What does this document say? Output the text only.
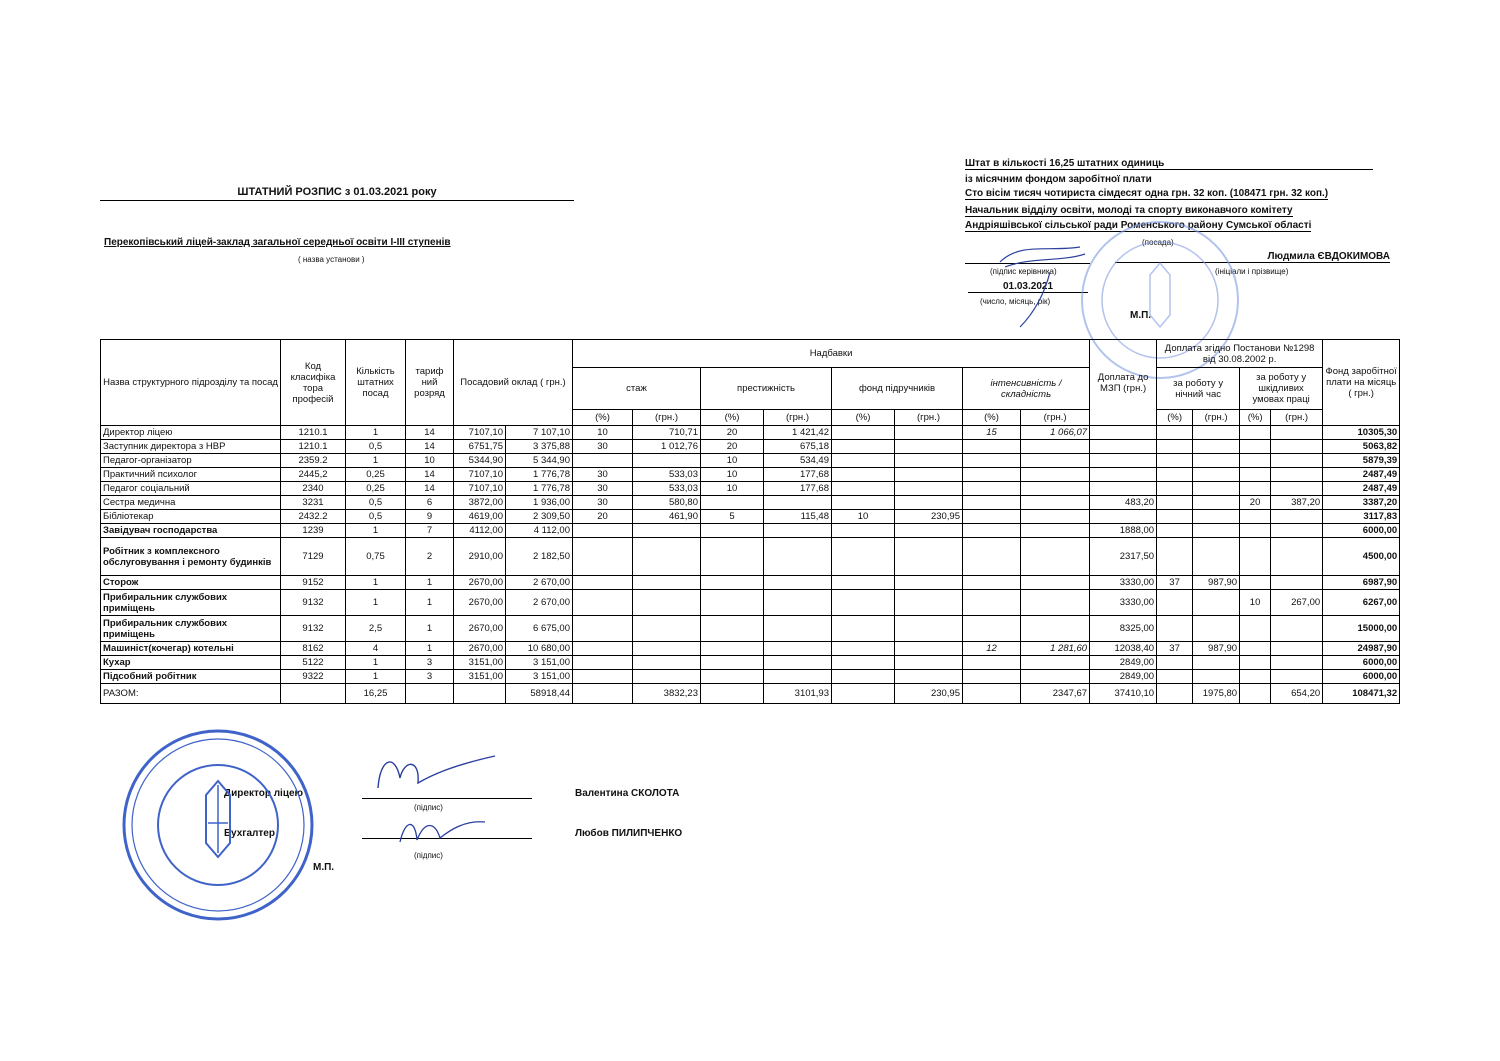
ШТАТНИЙ РОЗПИС з 01.03.2021 року
Перекопівський ліцей-заклад загальної середньої освіти І-ІІІ ступенів
( назва установи )
Штат в кількості 16,25 штатних одиниць
із місячним фондом заробітної плати
Сто вісім тисяч чотириста сімдесят одна грн. 32 коп. (108471 грн. 32 коп.)
Начальник відділу освіти, молоді та спорту виконавчого комітету
Андріяшівської сільської ради Роменського району Сумської області
(посада)
Людмила ЄВДОКИМОВА
(підпис керівника)	(ініціали і прізвище)
01.03.2021
(число, місяць, рік)
М.П.
Назва структурного підрозділу та посад	Код класифіка тора професій	Кількість штатних посад	тариф ний розряд	Посадовий оклад ( грн.)		Надбавки								Доплата до МЗП (грн.)	Доплата згідно Постанови №1298 від 30.08.2002 р.				Фонд заробітної плати на місяць ( грн.)
						стаж		престижність		фонд підручників		інтенсивність / складність			за роботу у нічний час		за роботу у шкідливих умовах праці		
						(%)	(грн.)	(%)	(грн.)	(%)	(грн.)	(%)	(грн.)		(%)	(грн.)	(%)	(грн.)	
Директор ліцею	1210.1	1	14	7107,10	7 107,10	10	710,71	20	1 421,42			15	1 066,07						10305,30
Заступник директора з НВР	1210.1	0,5	14	6751,75	3 375,88	30	1 012,76	20	675,18										5063,82
Педагог-організатор	2359.2	1	10	5344,90	5 344,90			10	534,49										5879,39
Практичний психолог	2445,2	0,25	14	7107,10	1 776,78	30	533,03	10	177,68										2487,49
Педагог соціальний	2340	0,25	14	7107,10	1 776,78	30	533,03	10	177,68										2487,49
Сестра медична	3231	0,5	6	3872,00	1 936,00	30	580,80							483,20			20	387,20	3387,20
Бібліотекар	2432.2	0,5	9	4619,00	2 309,50	20	461,90	5	115,48	10	230,95								3117,83
Завідувач господарства	1239	1	7	4112,00	4 112,00									1888,00					6000,00
Робітник з комплексного обслуговування і ремонту будинків	7129	0,75	2	2910,00	2 182,50									2317,50					4500,00
Сторож	9152	1	1	2670,00	2 670,00									3330,00	37	987,90			6987,90
Прибиральник службових приміщень	9132	1	1	2670,00	2 670,00									3330,00			10	267,00	6267,00
Прибиральник службових приміщень	9132	2,5	1	2670,00	6 675,00									8325,00					15000,00
Машиніст(кочегар) котельні	8162	4	1	2670,00	10 680,00							12	1 281,60	12038,40	37	987,90			24987,90
Кухар	5122	1	3	3151,00	3 151,00									2849,00					6000,00
Підсобний робітник	9322	1	3	3151,00	3 151,00									2849,00					6000,00
РАЗОМ:		16,25			58918,44		3832,23		3101,93		230,95		2347,67	37410,10		1975,80		654,20	108471,32
Директор ліцею
(підпис)
Валентина СКОЛОТА
Бухгалтер
(підпис)
Любов ПИЛИПЧЕНКО
М.П.
